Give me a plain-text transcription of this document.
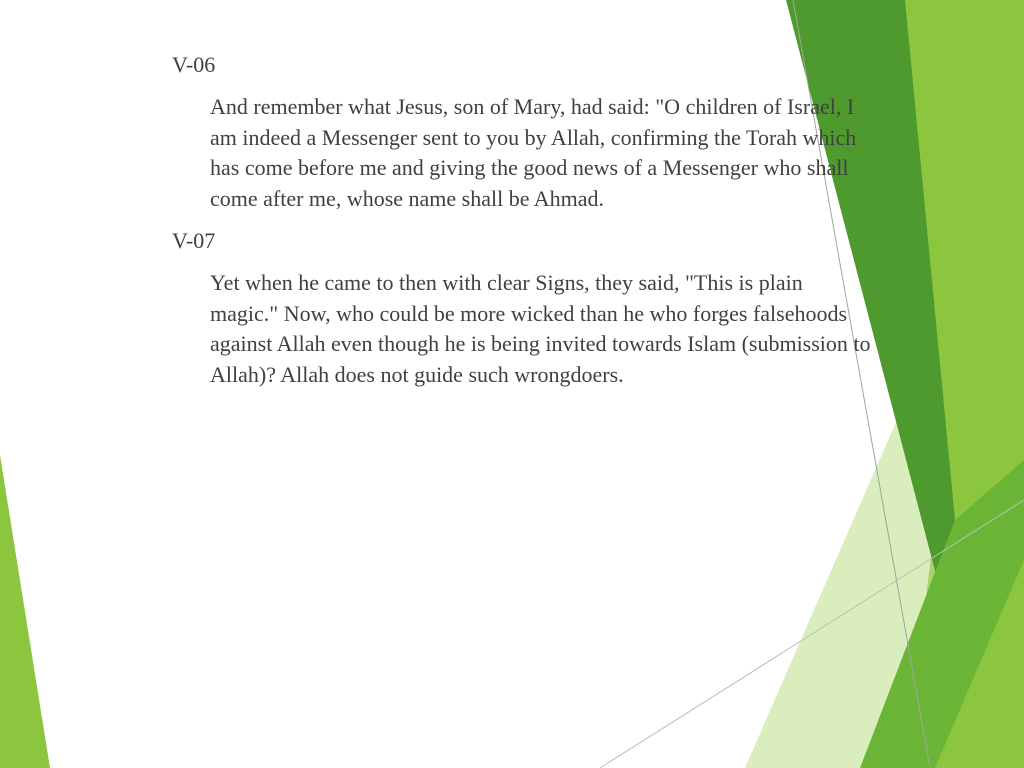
V-06

And remember what Jesus, son of Mary, had said: "O children of Israel, I
am indeed a Messenger sent to you by Allah, confirming the Torah which
has come before me and giving the good news of a Messenger who shall
come after me, whose name shall be Ahmad.

V-07

Yet when he came to then with clear Signs, they said, "This is plain
magic." Now, who could be more wicked than he who forges falsehoods
against Allah even though he is being invited towards Islam (submission to
Allah)? Allah does not guide such wrongdoers.
